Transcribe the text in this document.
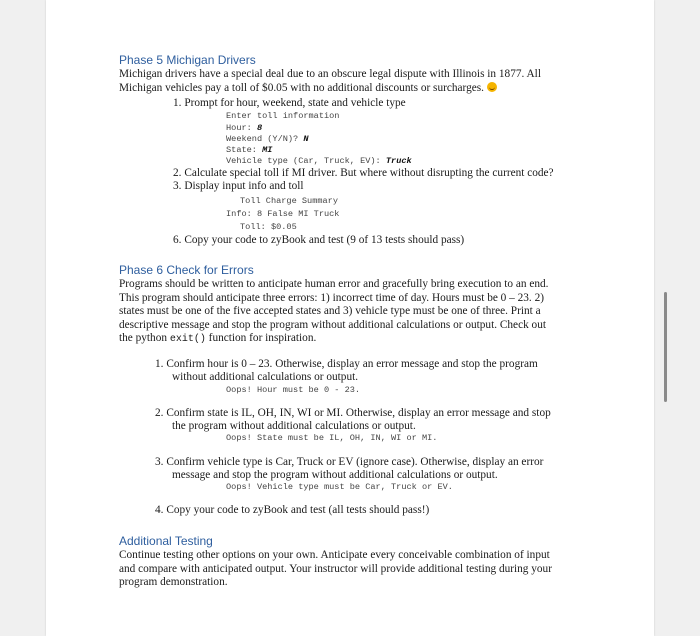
Phase 5 Michigan Drivers
Michigan drivers have a special deal due to an obscure legal dispute with Illinois in 1877. All
Michigan vehicles pay a toll of $0.05 with no additional discounts or surcharges.
1. Prompt for hour, weekend, state and vehicle type
Enter toll information
Hour: 8
Weekend (Y/N)? N
State: MI
Vehicle type (Car, Truck, EV): Truck
2. Calculate special toll if MI driver. But where without disrupting the current code?
3. Display input info and toll
Toll Charge Summary
Info: 8 False MI Truck
Toll: $0.05
6. Copy your code to zyBook and test (9 of 13 tests should pass)
Phase 6 Check for Errors
Programs should be written to anticipate human error and gracefully bring execution to an end.
This program should anticipate three errors: 1) incorrect time of day. Hours must be 0 – 23. 2)
states must be one of the five accepted states and 3) vehicle type must be one of three. Print a
descriptive message and stop the program without additional calculations or output. Check out
the python exit() function for inspiration.
1. Confirm hour is 0 – 23. Otherwise, display an error message and stop the program
without additional calculations or output.
Oops! Hour must be 0 - 23.
2. Confirm state is IL, OH, IN, WI or MI. Otherwise, display an error message and stop
the program without additional calculations or output.
Oops! State must be IL, OH, IN, WI or MI.
3. Confirm vehicle type is Car, Truck or EV (ignore case). Otherwise, display an error
message and stop the program without additional calculations or output.
Oops! Vehicle type must be Car, Truck or EV.
4. Copy your code to zyBook and test (all tests should pass!)
Additional Testing
Continue testing other options on your own. Anticipate every conceivable combination of input
and compare with anticipated output. Your instructor will provide additional testing during your
program demonstration.
